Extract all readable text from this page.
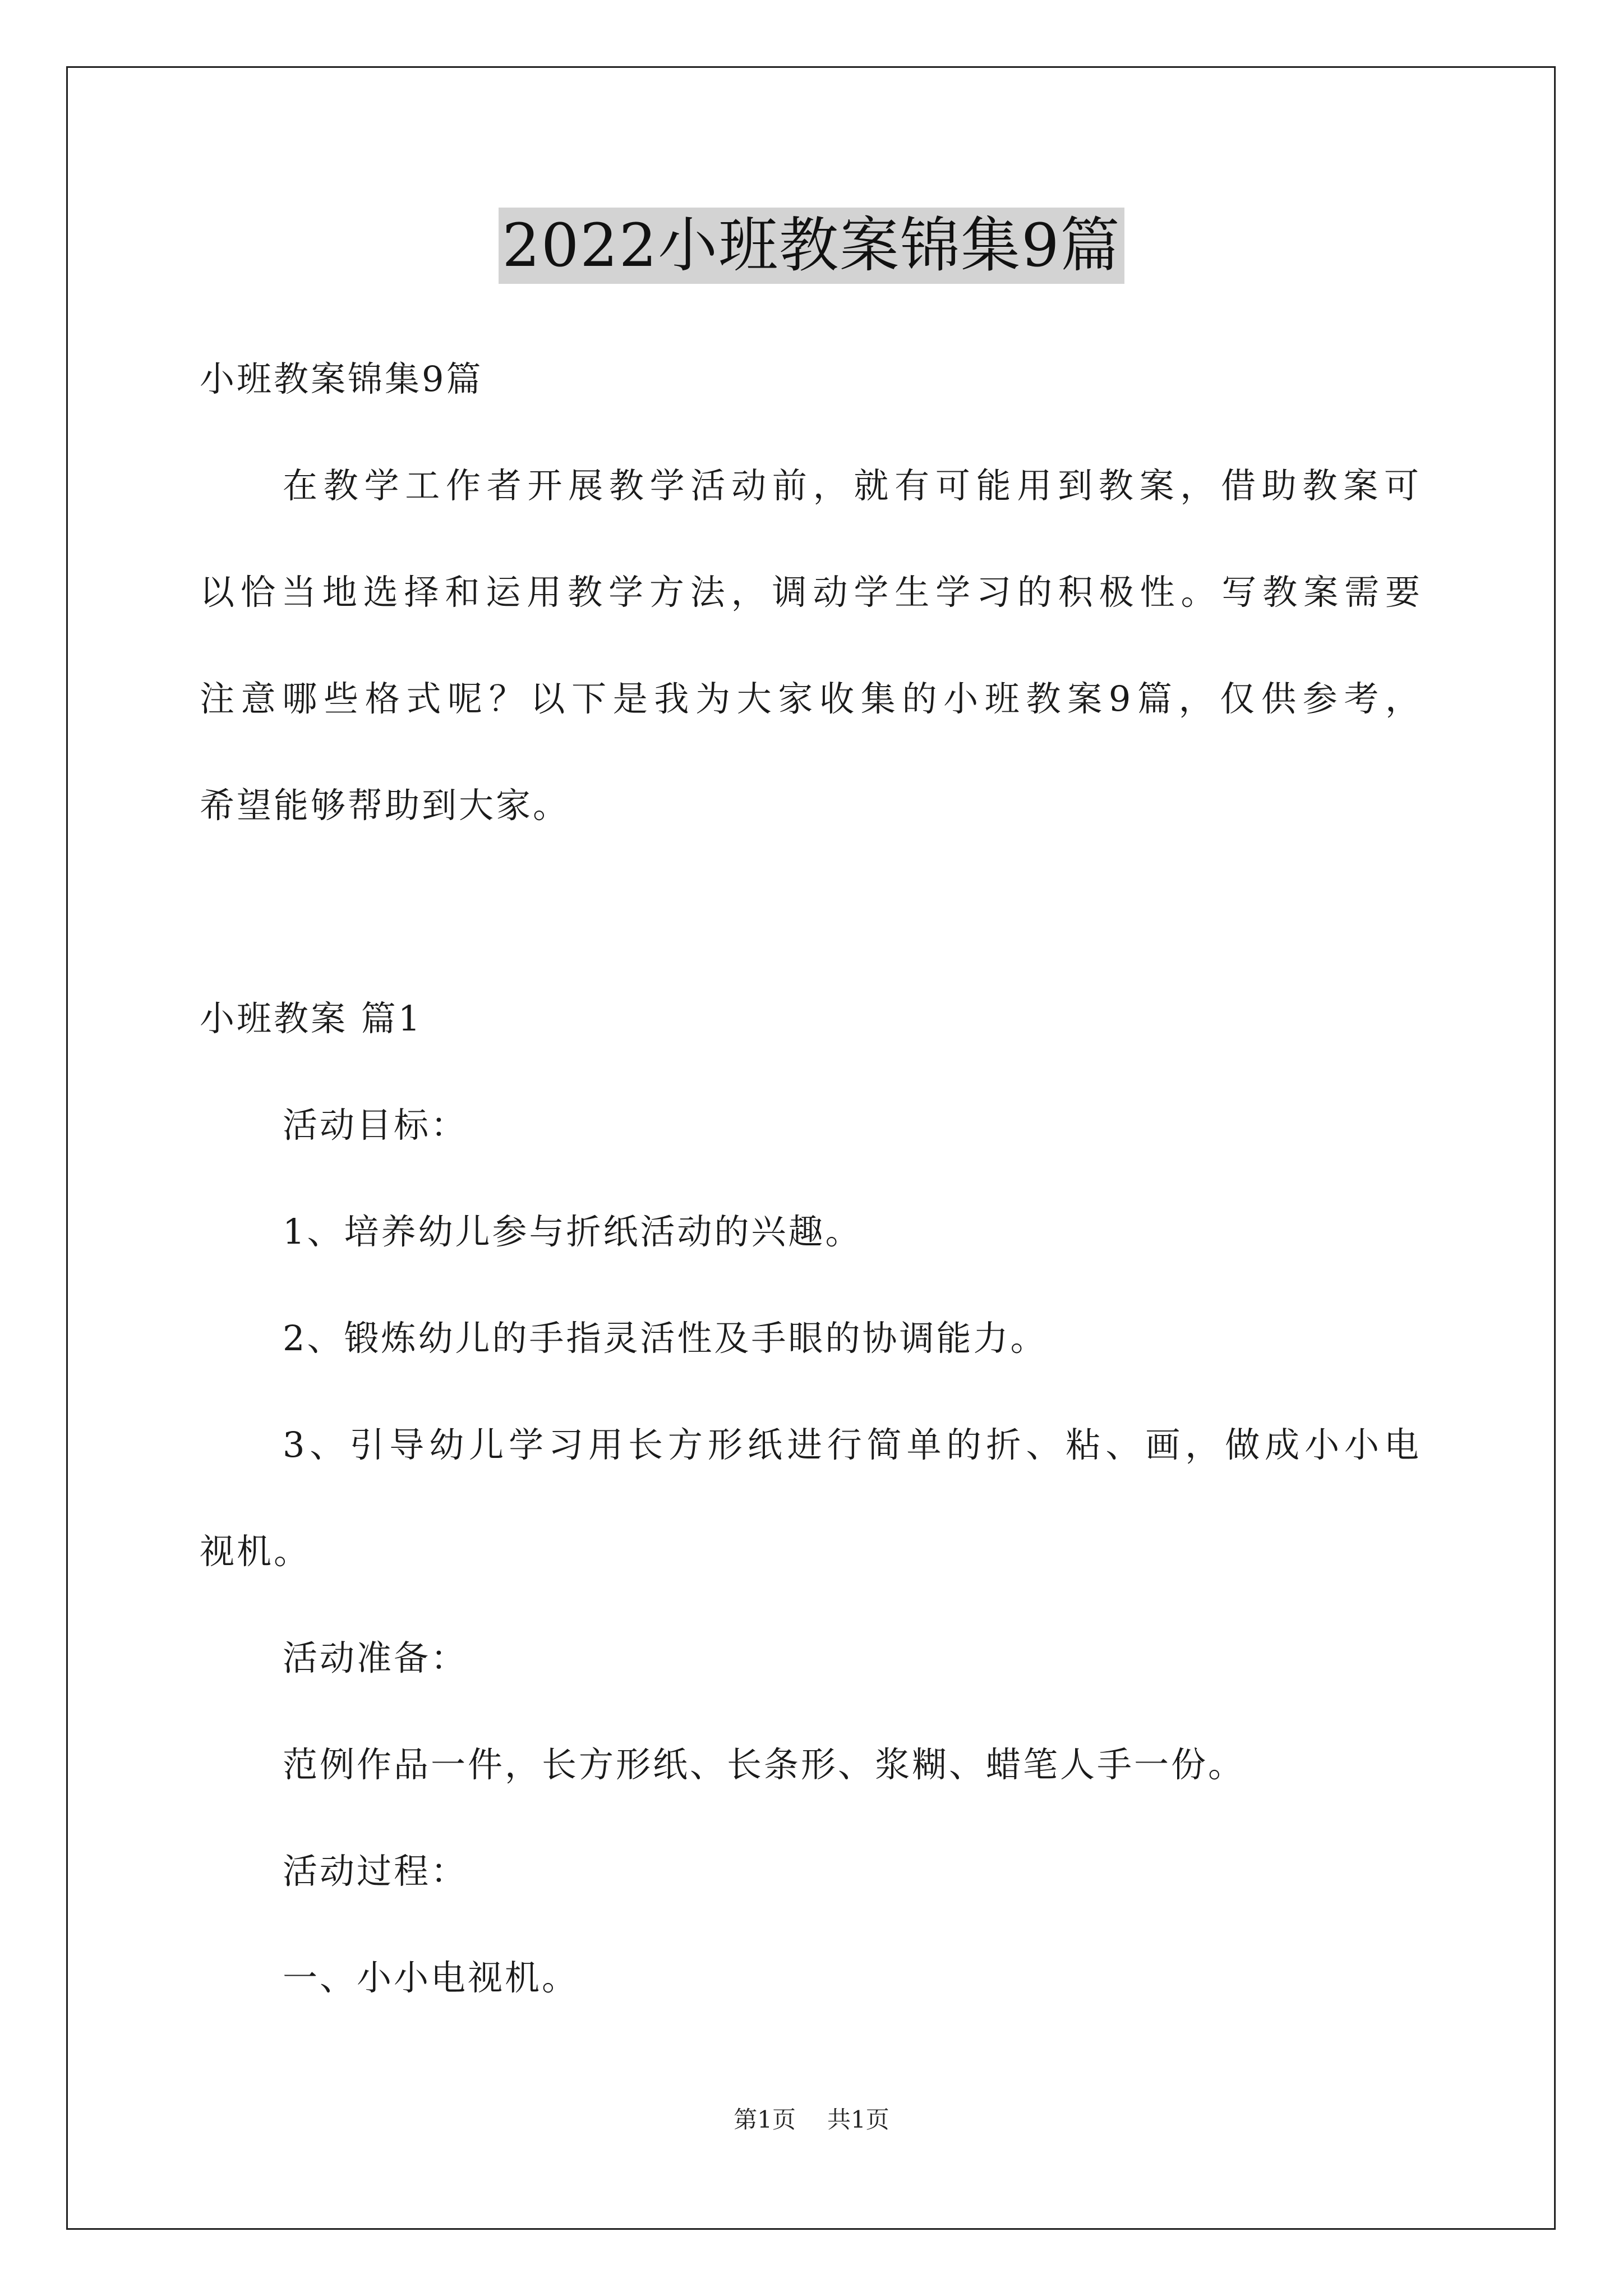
2022小班教案锦集9篇
小班教案锦集9篇
在教学工作者开展教学活动前，就有可能用到教案，借助教案可
以恰当地选择和运用教学方法，调动学生学习的积极性。写教案需要
注意哪些格式呢？以下是我为大家收集的小班教案9篇，仅供参考，
希望能够帮助到大家。
小班教案 篇1
活动目标：
1、培养幼儿参与折纸活动的兴趣。
2、锻炼幼儿的手指灵活性及手眼的协调能力。
3、引导幼儿学习用长方形纸进行简单的折、粘、画，做成小小电
视机。
活动准备：
范例作品一件，长方形纸、长条形、浆糊、蜡笔人手一份。
活动过程：
一、小小电视机。
第1页 共1页
